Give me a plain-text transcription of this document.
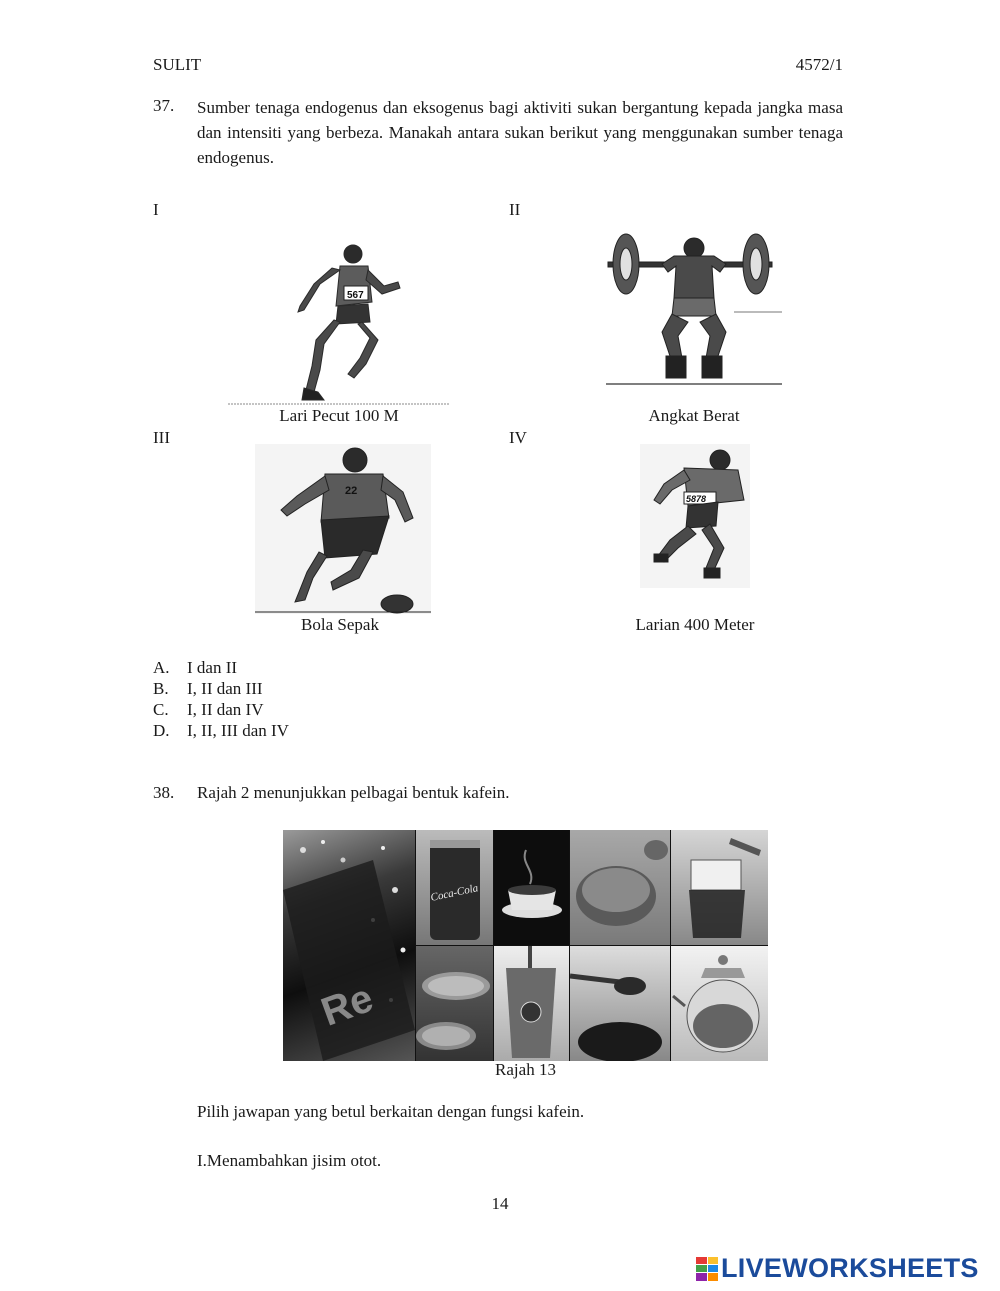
SULIT	4572/1
37. Sumber tenaga endogenus dan eksogenus bagi aktiviti sukan bergantung kepada jangka masa dan intensiti yang berbeza. Manakah antara sukan berikut yang menggunakan sumber tenaga endogenus.
I	II
567
Lari Pecut 100 M	Angkat Berat
III	IV
22
5878
Bola Sepak	Larian 400 Meter
A. I dan II
B. I, II dan III
C. I, II dan IV
D. I, II, III dan IV
38. Rajah 2 menunjukkan pelbagai bentuk kafein.
Re
Coca-Cola
Rajah 13
Pilih jawapan yang betul berkaitan dengan fungsi kafein.
I.Menambahkan jisim otot.
14
LIVEWORKSHEETS
